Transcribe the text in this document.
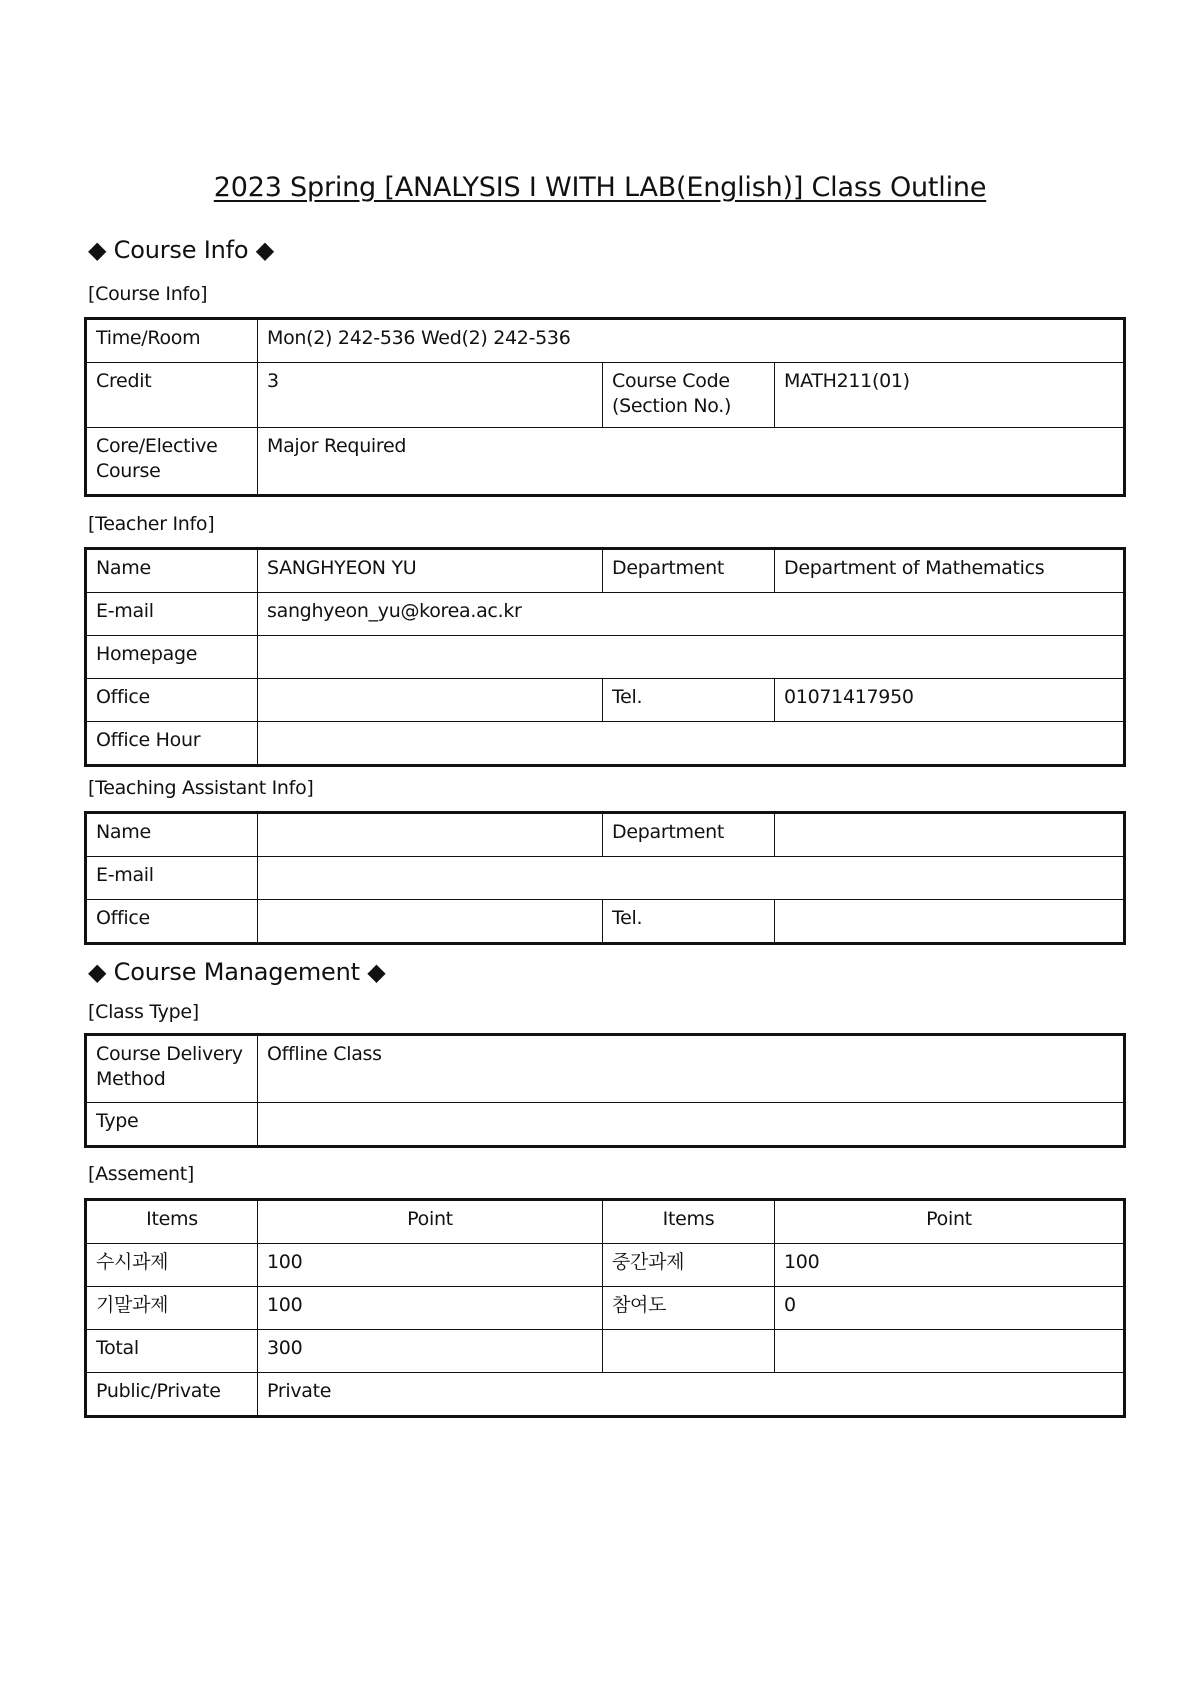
2023 Spring [ANALYSIS I WITH LAB(English)] Class Outline
◆ Course Info ◆
[Course Info]
Time/Room	Mon(2) 242-536 Wed(2) 242-536		
Credit	3	Course Code (Section No.)	MATH211(01)
Core/Elective Course	Major Required		
[Teacher Info]
Name	SANGHYEON YU	Department	Department of Mathematics
E-mail	sanghyeon_yu@korea.ac.kr		
Homepage			
Office		Tel.	01071417950
Office Hour			
[Teaching Assistant Info]
Name		Department	
E-mail			
Office		Tel.	
◆ Course Management ◆
[Class Type]
Course Delivery Method	Offline Class
Type	
[Assement]
Items	Point	Items	Point
수시과제	100	중간과제	100
기말과제	100	참여도	0
Total	300		
Public/Private	Private		
